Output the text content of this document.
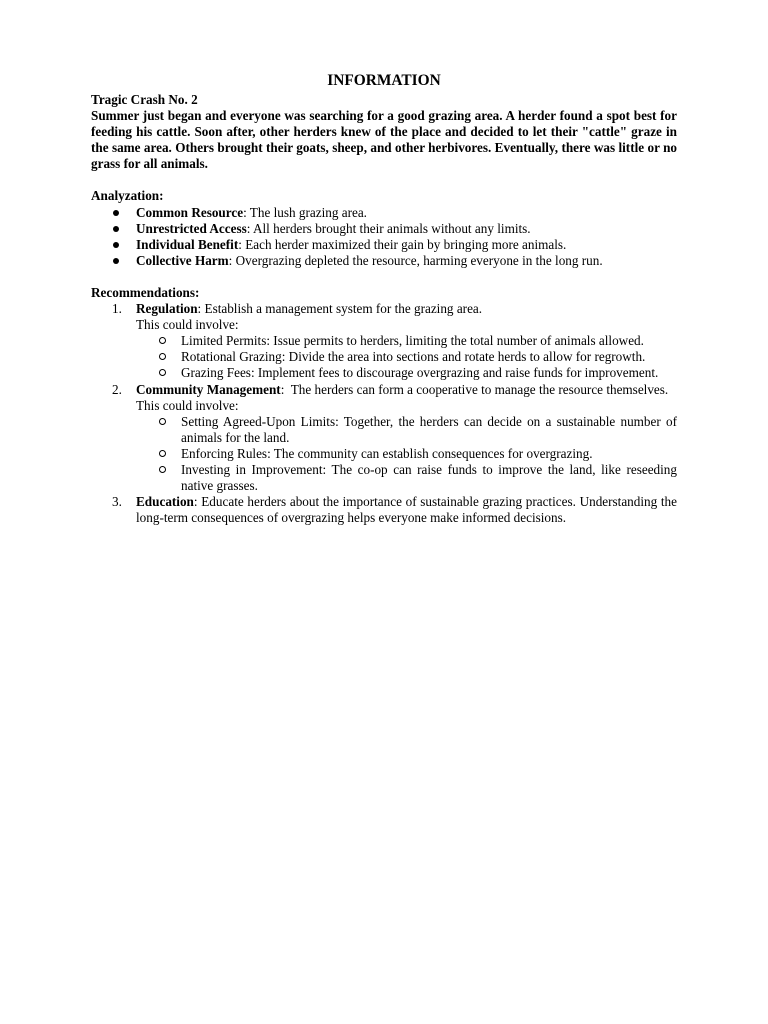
INFORMATION
Tragic Crash No. 2
Summer just began and everyone was searching for a good grazing area. A herder found a spot best for feeding his cattle. Soon after, other herders knew of the place and decided to let their "cattle" graze in the same area. Others brought their goats, sheep, and other herbivores. Eventually, there was little or no grass for all animals.
Analyzation:
Common Resource: The lush grazing area.
Unrestricted Access: All herders brought their animals without any limits.
Individual Benefit: Each herder maximized their gain by bringing more animals.
Collective Harm: Overgrazing depleted the resource, harming everyone in the long run.
Recommendations:
1. Regulation: Establish a management system for the grazing area.
This could involve:
Limited Permits: Issue permits to herders, limiting the total number of animals allowed.
Rotational Grazing: Divide the area into sections and rotate herds to allow for regrowth.
Grazing Fees: Implement fees to discourage overgrazing and raise funds for improvement.
2. Community Management:  The herders can form a cooperative to manage the resource themselves.
This could involve:
Setting Agreed-Upon Limits: Together, the herders can decide on a sustainable number of animals for the land.
Enforcing Rules: The community can establish consequences for overgrazing.
Investing in Improvement: The co-op can raise funds to improve the land, like reseeding native grasses.
3. Education: Educate herders about the importance of sustainable grazing practices. Understanding the long-term consequences of overgrazing helps everyone make informed decisions.
